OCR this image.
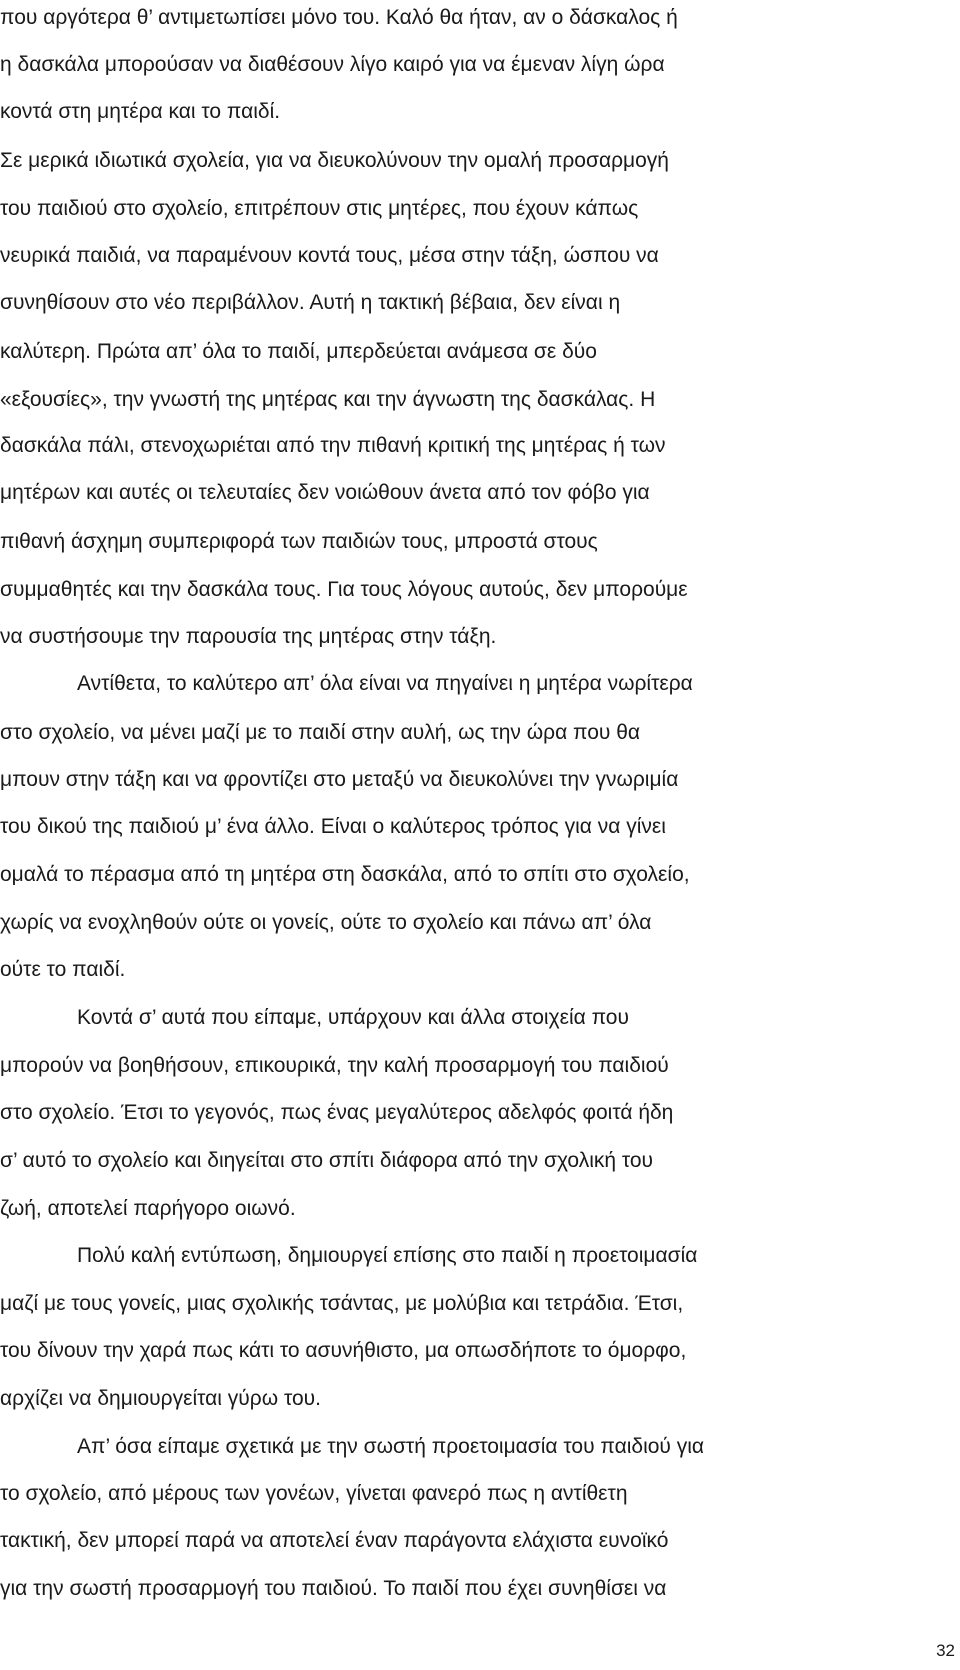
που αργότερα θ’ αντιμετωπίσει μόνο του. Καλό θα ήταν, αν ο δάσκαλος ή
η δασκάλα μπορούσαν να διαθέσουν λίγο καιρό για να έμεναν λίγη ώρα
κοντά στη μητέρα και το παιδί.
Σε μερικά ιδιωτικά σχολεία, για να διευκολύνουν την ομαλή προσαρμογή
του παιδιού στο σχολείο, επιτρέπουν στις μητέρες, που έχουν κάπως
νευρικά παιδιά, να παραμένουν κοντά τους, μέσα στην τάξη, ώσπου να
συνηθίσουν στο νέο περιβάλλον. Αυτή η τακτική βέβαια, δεν είναι η
καλύτερη. Πρώτα απ’ όλα το παιδί, μπερδεύεται ανάμεσα σε δύο
«εξουσίες», την γνωστή της μητέρας και την άγνωστη της δασκάλας. Η
δασκάλα πάλι, στενοχωριέται από την πιθανή κριτική της μητέρας ή των
μητέρων και αυτές οι τελευταίες δεν νοιώθουν άνετα από τον φόβο για
πιθανή άσχημη συμπεριφορά των παιδιών τους, μπροστά στους
συμμαθητές και την δασκάλα τους. Για τους λόγους αυτούς, δεν μπορούμε
να συστήσουμε την παρουσία της μητέρας στην τάξη.
Αντίθετα, το καλύτερο απ’ όλα είναι να πηγαίνει η μητέρα νωρίτερα
στο σχολείο, να μένει μαζί με το παιδί στην αυλή, ως την ώρα που θα
μπουν στην τάξη και να φροντίζει στο μεταξύ να διευκολύνει την γνωριμία
του δικού της παιδιού μ’ ένα άλλο. Είναι ο καλύτερος τρόπος για να γίνει
ομαλά το πέρασμα από τη μητέρα στη δασκάλα, από το σπίτι στο σχολείο,
χωρίς να ενοχληθούν ούτε οι γονείς, ούτε το σχολείο και πάνω απ’ όλα
ούτε το παιδί.
Κοντά σ’ αυτά που είπαμε, υπάρχουν και άλλα στοιχεία που
μπορούν να βοηθήσουν, επικουρικά, την καλή προσαρμογή του παιδιού
στο σχολείο. Έτσι το γεγονός, πως ένας μεγαλύτερος αδελφός φοιτά ήδη
σ’ αυτό το σχολείο και διηγείται στο σπίτι διάφορα από την σχολική του
ζωή, αποτελεί παρήγορο οιωνό.
Πολύ καλή εντύπωση, δημιουργεί επίσης στο παιδί η προετοιμασία
μαζί με τους γονείς, μιας σχολικής τσάντας, με μολύβια και τετράδια. Έτσι,
του δίνουν την χαρά πως κάτι το ασυνήθιστο, μα οπωσδήποτε το όμορφο,
αρχίζει να δημιουργείται γύρω του.
Απ’ όσα είπαμε σχετικά με την σωστή προετοιμασία του παιδιού για
το σχολείο, από μέρους των γονέων, γίνεται φανερό πως η αντίθετη
τακτική, δεν μπορεί παρά να αποτελεί έναν παράγοντα ελάχιστα ευνοϊκό
για την σωστή προσαρμογή του παιδιού. Το παιδί που έχει συνηθίσει να
32
